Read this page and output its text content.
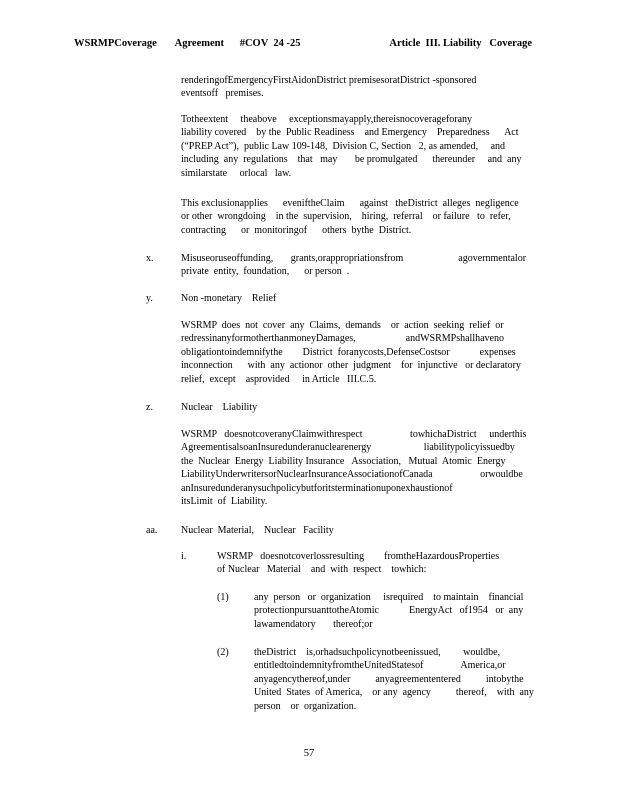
WSRMPCoverage       Agreement      #COV  24 -25	Article  III. Liability   Coverage
renderingofEmergencyFirstAidonDistrict premisesoratDistrict -sponsored
eventsoff   premises.
Totheextent     theabove     exceptionsmayapply,thereisnocoverageforany
liability covered    by the  Public Readiness    and Emergency    Preparedness      Act
(“PREP Act”),  public Law 109-148,  Division C, Section   2, as amended,     and
including  any  regulations    that   may       be promulgated      thereunder     and  any
similarstate     orlocal   law.
This exclusionapplies      eveniftheClaim      against   theDistrict  alleges  negligence
or other  wrongdoing    in the  supervision,    hiring,  referral    or failure   to  refer,
contracting      or  monitoringof      others  bythe  District.
x.	Misuseoruseoffunding,       grants,orappropriationsfrom                      agovernmentalor
private  entity,  foundation,      or person  .
y.	Non -monetary    Relief
WSRMP  does  not  cover  any  Claims,  demands    or  action  seeking  relief  or
redressinanyformotherthanmoneyDamages,                    andWSRMPshallhaveno
obligationtoindemnifythe        District  foranycosts,DefenseCostsor            expenses
inconnection      with  any  actionor  other  judgment    for  injunctive   or declaratory
relief,  except    asprovided     in Article   III.C.5.
z.	Nuclear    Liability
WSRMP   doesnotcoveranyClaimwithrespect                   towhichaDistrict     underthis
AgreementisalsoanInsuredunderanuclearenergy                     liabilitypolicyissuedby
the  Nuclear  Energy  Liability Insurance   Association,   Mutual  Atomic  Energy
LiabilityUnderwritersorNuclearInsuranceAssociationofCanada                   orwouldbe
anInsuredunderanysuchpolicybutforitsterminationuponexhaustionof
itsLimit  of  Liability.
aa. Nuclear  Material,    Nuclear   Facility
i.	WSRMP   doesnotcoverlossresulting        fromtheHazardousProperties
of Nuclear   Material    and  with  respect    towhich:
(1)	any  person   or  organization     isrequired    to maintain    financial
protectionpursuanttotheAtomic            EnergyAct   of1954   or  any
lawamendatory       thereof;or
(2)	theDistrict    is,orhadsuchpolicynotbeenissued,         wouldbe,
entitledtoindemnityfromtheUnitedStatesof               America,or
anyagencythereof,under          anyagreemententered          intobythe
United  States  of America,    or any  agency          thereof,    with  any
person    or  organization.
57
